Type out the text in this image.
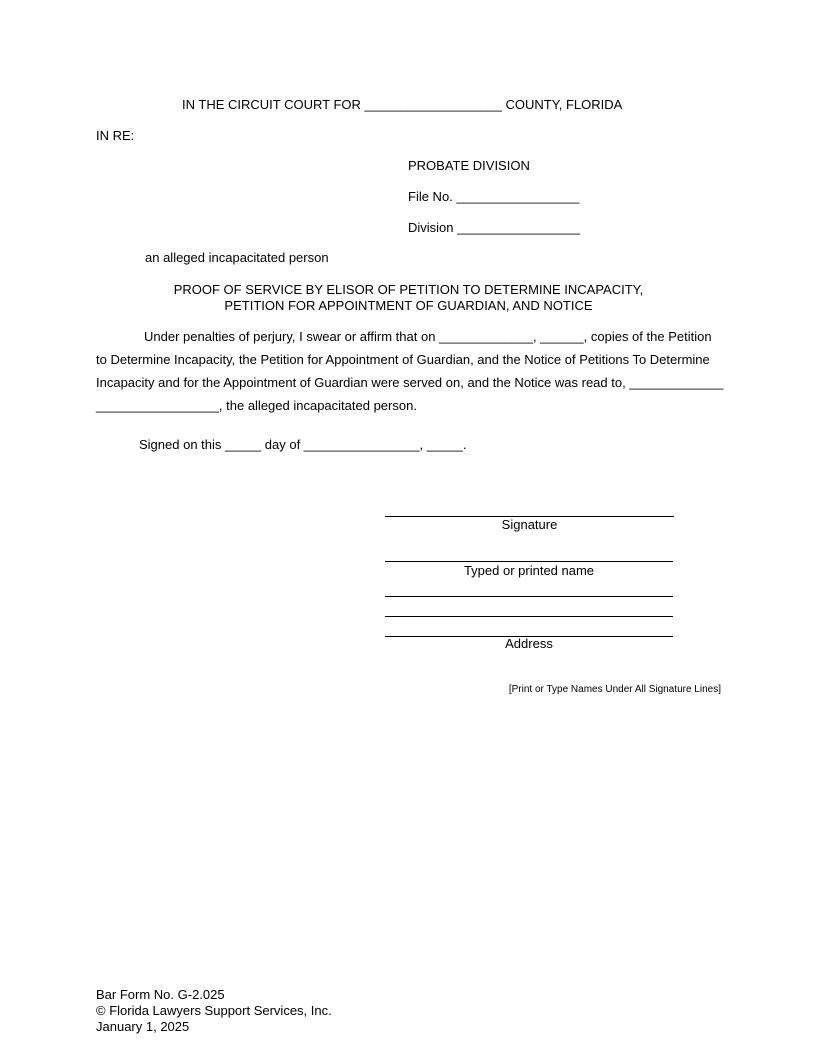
IN THE CIRCUIT COURT FOR ___________________ COUNTY, FLORIDA
IN RE:
PROBATE DIVISION
File No. _________________
Division _________________
an alleged incapacitated person
PROOF OF SERVICE BY ELISOR OF PETITION TO DETERMINE INCAPACITY,
PETITION FOR APPOINTMENT OF GUARDIAN, AND NOTICE
Under penalties of perjury, I swear or affirm that on _____________, ______, copies of the Petition
to Determine Incapacity, the Petition for Appointment of Guardian, and the Notice of Petitions To Determine
Incapacity and for the Appointment of Guardian were served on, and the Notice was read to, _____________
_________________, the alleged incapacitated person.
Signed on this _____ day of ________________, _____.
Signature
Typed or printed name
Address
[Print or Type Names Under All Signature Lines]
Bar Form No. G-2.025
© Florida Lawyers Support Services, Inc.
January 1, 2025
